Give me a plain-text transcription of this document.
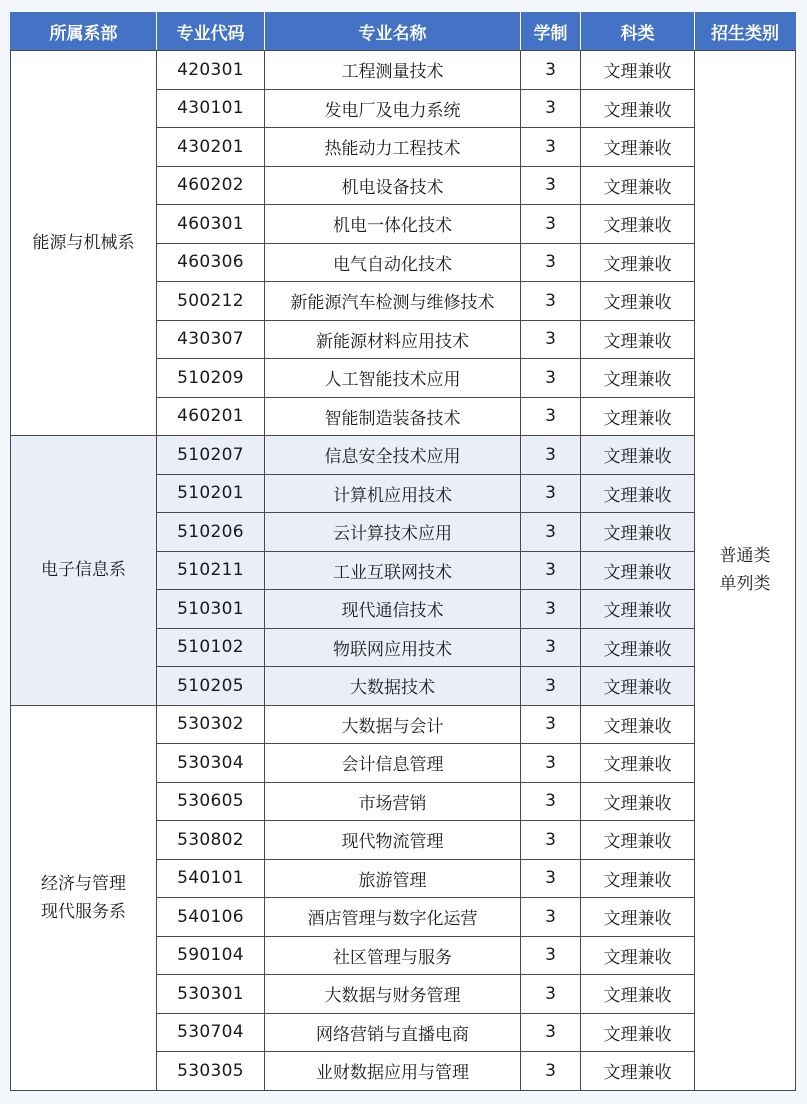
所属系部	专业代码	专业名称	学制	科类	招生类别

能源与机械系	420301	工程测量技术	3	文理兼收	普通类
单列类

	430101	发电厂及电力系统	3	文理兼收	
	430201	热能动力工程技术	3	文理兼收	
	460202	机电设备技术	3	文理兼收	
	460301	机电一体化技术	3	文理兼收	
	460306	电气自动化技术	3	文理兼收	
	500212	新能源汽车检测与维修技术	3	文理兼收	
	430307	新能源材料应用技术	3	文理兼收	
	510209	人工智能技术应用	3	文理兼收	
	460201	智能制造装备技术	3	文理兼收	

电子信息系	510207	信息安全技术应用	3	文理兼收	
	510201	计算机应用技术	3	文理兼收	
	510206	云计算技术应用	3	文理兼收	
	510211	工业互联网技术	3	文理兼收	
	510301	现代通信技术	3	文理兼收	
	510102	物联网应用技术	3	文理兼收	
	510205	大数据技术	3	文理兼收	

经济与管理
现代服务系	530302	大数据与会计	3	文理兼收	
	530304	会计信息管理	3	文理兼收	
	530605	市场营销	3	文理兼收	
	530802	现代物流管理	3	文理兼收	
	540101	旅游管理	3	文理兼收	
	540106	酒店管理与数字化运营	3	文理兼收	
	590104	社区管理与服务	3	文理兼收	
	530301	大数据与财务管理	3	文理兼收	
	530704	网络营销与直播电商	3	文理兼收	
	530305	业财数据应用与管理	3	文理兼收	
